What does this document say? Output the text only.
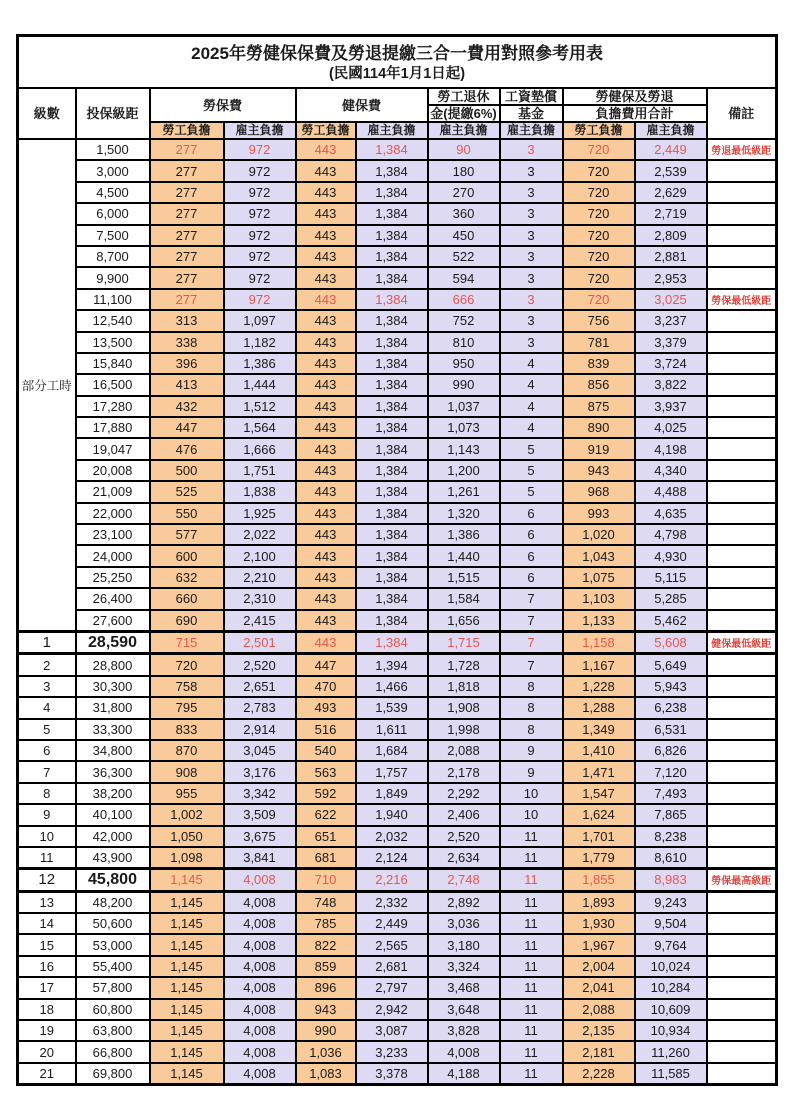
2025年勞健保保費及勞退提繳三合一費用對照參考用表
(民國114年1月1日起)										

級數	投保級距	勞保費		健保費		勞工退休	工資墊償	勞健保及勞退		備註
						金(提繳6%)	基金	負擔費用合計		
		勞工負擔	雇主負擔	勞工負擔	雇主負擔	雇主負擔	雇主負擔	勞工負擔	雇主負擔	
部分工時	1,500	277	972	443	1,384	90	3	720	2,449	勞退最低級距
	3,000	277	972	443	1,384	180	3	720	2,539	
	4,500	277	972	443	1,384	270	3	720	2,629	
	6,000	277	972	443	1,384	360	3	720	2,719	
	7,500	277	972	443	1,384	450	3	720	2,809	
	8,700	277	972	443	1,384	522	3	720	2,881	
	9,900	277	972	443	1,384	594	3	720	2,953	
	11,100	277	972	443	1,384	666	3	720	3,025	勞保最低級距
	12,540	313	1,097	443	1,384	752	3	756	3,237	
	13,500	338	1,182	443	1,384	810	3	781	3,379	
	15,840	396	1,386	443	1,384	950	4	839	3,724	
	16,500	413	1,444	443	1,384	990	4	856	3,822	
	17,280	432	1,512	443	1,384	1,037	4	875	3,937	
	17,880	447	1,564	443	1,384	1,073	4	890	4,025	
	19,047	476	1,666	443	1,384	1,143	5	919	4,198	
	20,008	500	1,751	443	1,384	1,200	5	943	4,340	
	21,009	525	1,838	443	1,384	1,261	5	968	4,488	
	22,000	550	1,925	443	1,384	1,320	6	993	4,635	
	23,100	577	2,022	443	1,384	1,386	6	1,020	4,798	
	24,000	600	2,100	443	1,384	1,440	6	1,043	4,930	
	25,250	632	2,210	443	1,384	1,515	6	1,075	5,115	
	26,400	660	2,310	443	1,384	1,584	7	1,103	5,285	
	27,600	690	2,415	443	1,384	1,656	7	1,133	5,462	
1	28,590	715	2,501	443	1,384	1,715	7	1,158	5,608	健保最低級距
2	28,800	720	2,520	447	1,394	1,728	7	1,167	5,649	
3	30,300	758	2,651	470	1,466	1,818	8	1,228	5,943	
4	31,800	795	2,783	493	1,539	1,908	8	1,288	6,238	
5	33,300	833	2,914	516	1,611	1,998	8	1,349	6,531	
6	34,800	870	3,045	540	1,684	2,088	9	1,410	6,826	
7	36,300	908	3,176	563	1,757	2,178	9	1,471	7,120	
8	38,200	955	3,342	592	1,849	2,292	10	1,547	7,493	
9	40,100	1,002	3,509	622	1,940	2,406	10	1,624	7,865	
10	42,000	1,050	3,675	651	2,032	2,520	11	1,701	8,238	
11	43,900	1,098	3,841	681	2,124	2,634	11	1,779	8,610	
12	45,800	1,145	4,008	710	2,216	2,748	11	1,855	8,983	勞保最高級距
13	48,200	1,145	4,008	748	2,332	2,892	11	1,893	9,243	
14	50,600	1,145	4,008	785	2,449	3,036	11	1,930	9,504	
15	53,000	1,145	4,008	822	2,565	3,180	11	1,967	9,764	
16	55,400	1,145	4,008	859	2,681	3,324	11	2,004	10,024	
17	57,800	1,145	4,008	896	2,797	3,468	11	2,041	10,284	
18	60,800	1,145	4,008	943	2,942	3,648	11	2,088	10,609	
19	63,800	1,145	4,008	990	3,087	3,828	11	2,135	10,934	
20	66,800	1,145	4,008	1,036	3,233	4,008	11	2,181	11,260	
21	69,800	1,145	4,008	1,083	3,378	4,188	11	2,228	11,585	
